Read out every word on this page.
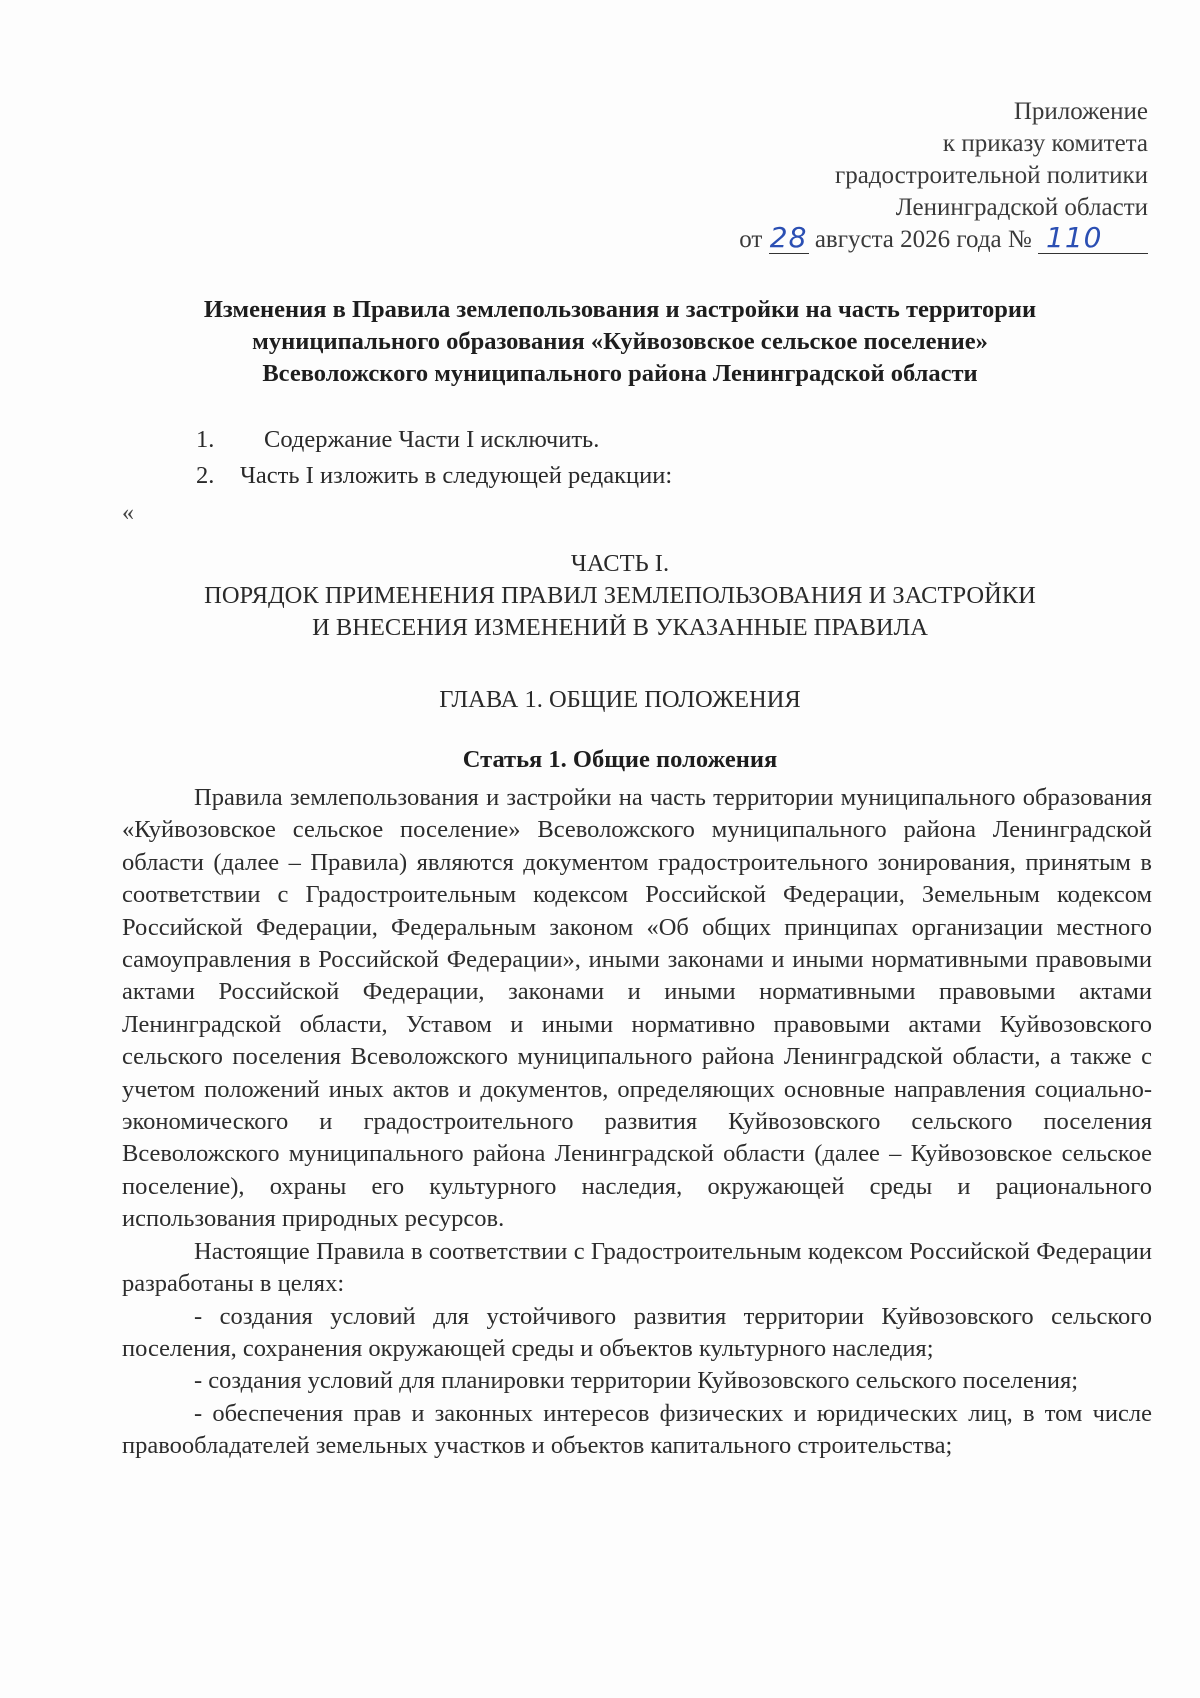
Приложение
к приказу комитета
градостроительной политики
Ленинградской области
от 28 августа 2026 года № 110
Изменения в Правила землепользования и застройки на часть территории
муниципального образования «Куйвозовское сельское поселение»
Всеволожского муниципального района Ленинградской области
1. Содержание Части I исключить.
2. Часть I изложить в следующей редакции:
«
ЧАСТЬ I.
ПОРЯДОК ПРИМЕНЕНИЯ ПРАВИЛ ЗЕМЛЕПОЛЬЗОВАНИЯ И ЗАСТРОЙКИ
И ВНЕСЕНИЯ ИЗМЕНЕНИЙ В УКАЗАННЫЕ ПРАВИЛА
ГЛАВА 1. ОБЩИЕ ПОЛОЖЕНИЯ
Статья 1. Общие положения

Правила землепользования и застройки на часть территории муниципального образования «Куйвозовское сельское поселение» Всеволожского муниципального района Ленинградской области (далее – Правила) являются документом градостроительного зонирования, принятым в соответствии с Градостроительным кодексом Российской Федерации, Земельным кодексом Российской Федерации, Федеральным законом «Об общих принципах организации местного самоуправления в Российской Федерации», иными законами и иными нормативными правовыми актами Российской Федерации, законами и иными нормативными правовыми актами Ленинградской области, Уставом и иными нормативно правовыми актами Куйвозовского сельского поселения Всеволожского муниципального района Ленинградской области, а также с учетом положений иных актов и документов, определяющих основные направления социально-экономического и градостроительного развития Куйвозовского сельского поселения Всеволожского муниципального района Ленинградской области (далее – Куйвозовское сельское поселение), охраны его культурного наследия, окружающей среды и рационального использования природных ресурсов.

Настоящие Правила в соответствии с Градостроительным кодексом Российской Федерации разработаны в целях:

- создания условий для устойчивого развития территории Куйвозовского сельского поселения, сохранения окружающей среды и объектов культурного наследия;

- создания условий для планировки территории Куйвозовского сельского поселения;

- обеспечения прав и законных интересов физических и юридических лиц, в том числе правообладателей земельных участков и объектов капитального строительства;
